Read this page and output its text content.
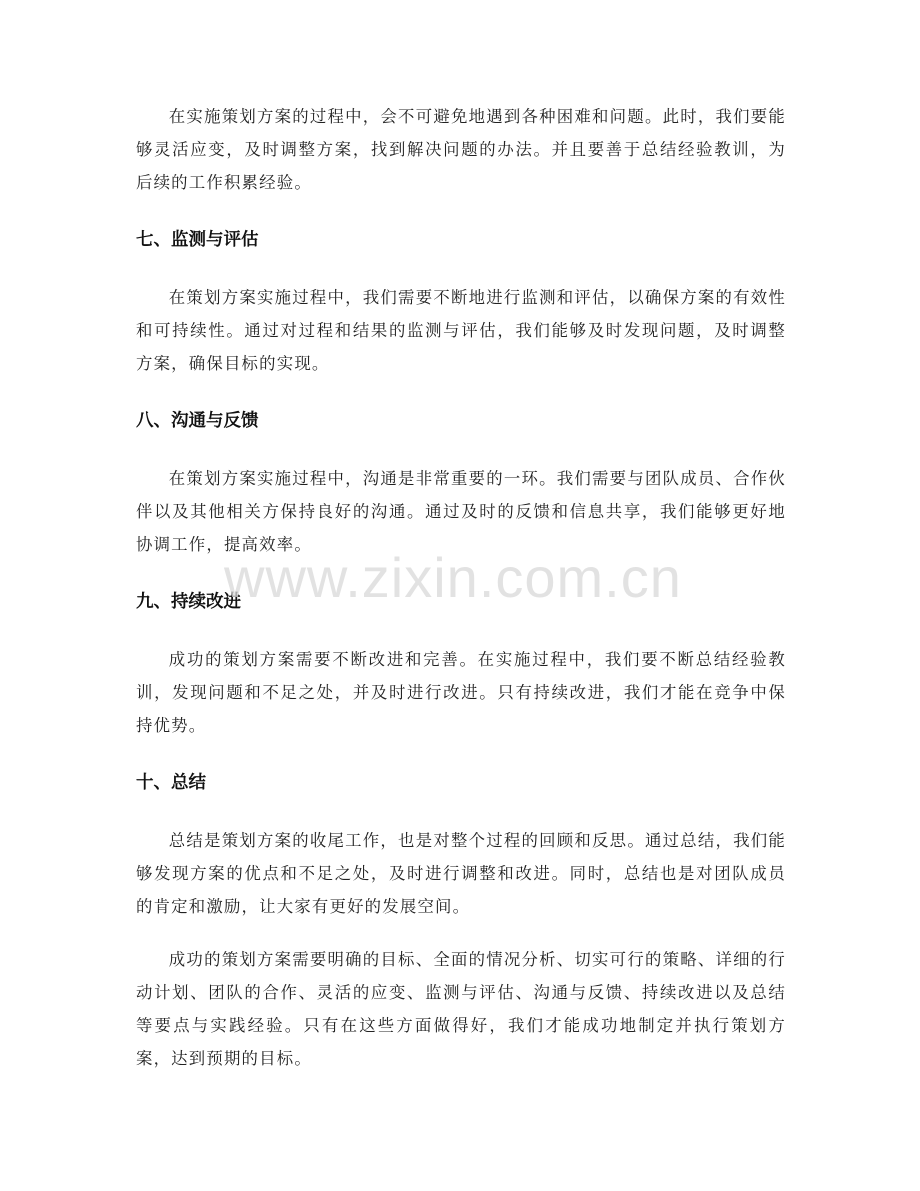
在实施策划方案的过程中，会不可避免地遇到各种困难和问题。此时，我们要能够灵活应变，及时调整方案，找到解决问题的办法。并且要善于总结经验教训，为后续的工作积累经验。

七、监测与评估

在策划方案实施过程中，我们需要不断地进行监测和评估，以确保方案的有效性和可持续性。通过对过程和结果的监测与评估，我们能够及时发现问题，及时调整方案，确保目标的实现。

八、沟通与反馈

在策划方案实施过程中，沟通是非常重要的一环。我们需要与团队成员、合作伙伴以及其他相关方保持良好的沟通。通过及时的反馈和信息共享，我们能够更好地协调工作，提高效率。

九、持续改进

成功的策划方案需要不断改进和完善。在实施过程中，我们要不断总结经验教训，发现问题和不足之处，并及时进行改进。只有持续改进，我们才能在竞争中保持优势。

十、总结

总结是策划方案的收尾工作，也是对整个过程的回顾和反思。通过总结，我们能够发现方案的优点和不足之处，及时进行调整和改进。同时，总结也是对团队成员的肯定和激励，让大家有更好的发展空间。

成功的策划方案需要明确的目标、全面的情况分析、切实可行的策略、详细的行动计划、团队的合作、灵活的应变、监测与评估、沟通与反馈、持续改进以及总结等要点与实践经验。只有在这些方面做得好，我们才能成功地制定并执行策划方案，达到预期的目标。

www.zixin.com.cn
